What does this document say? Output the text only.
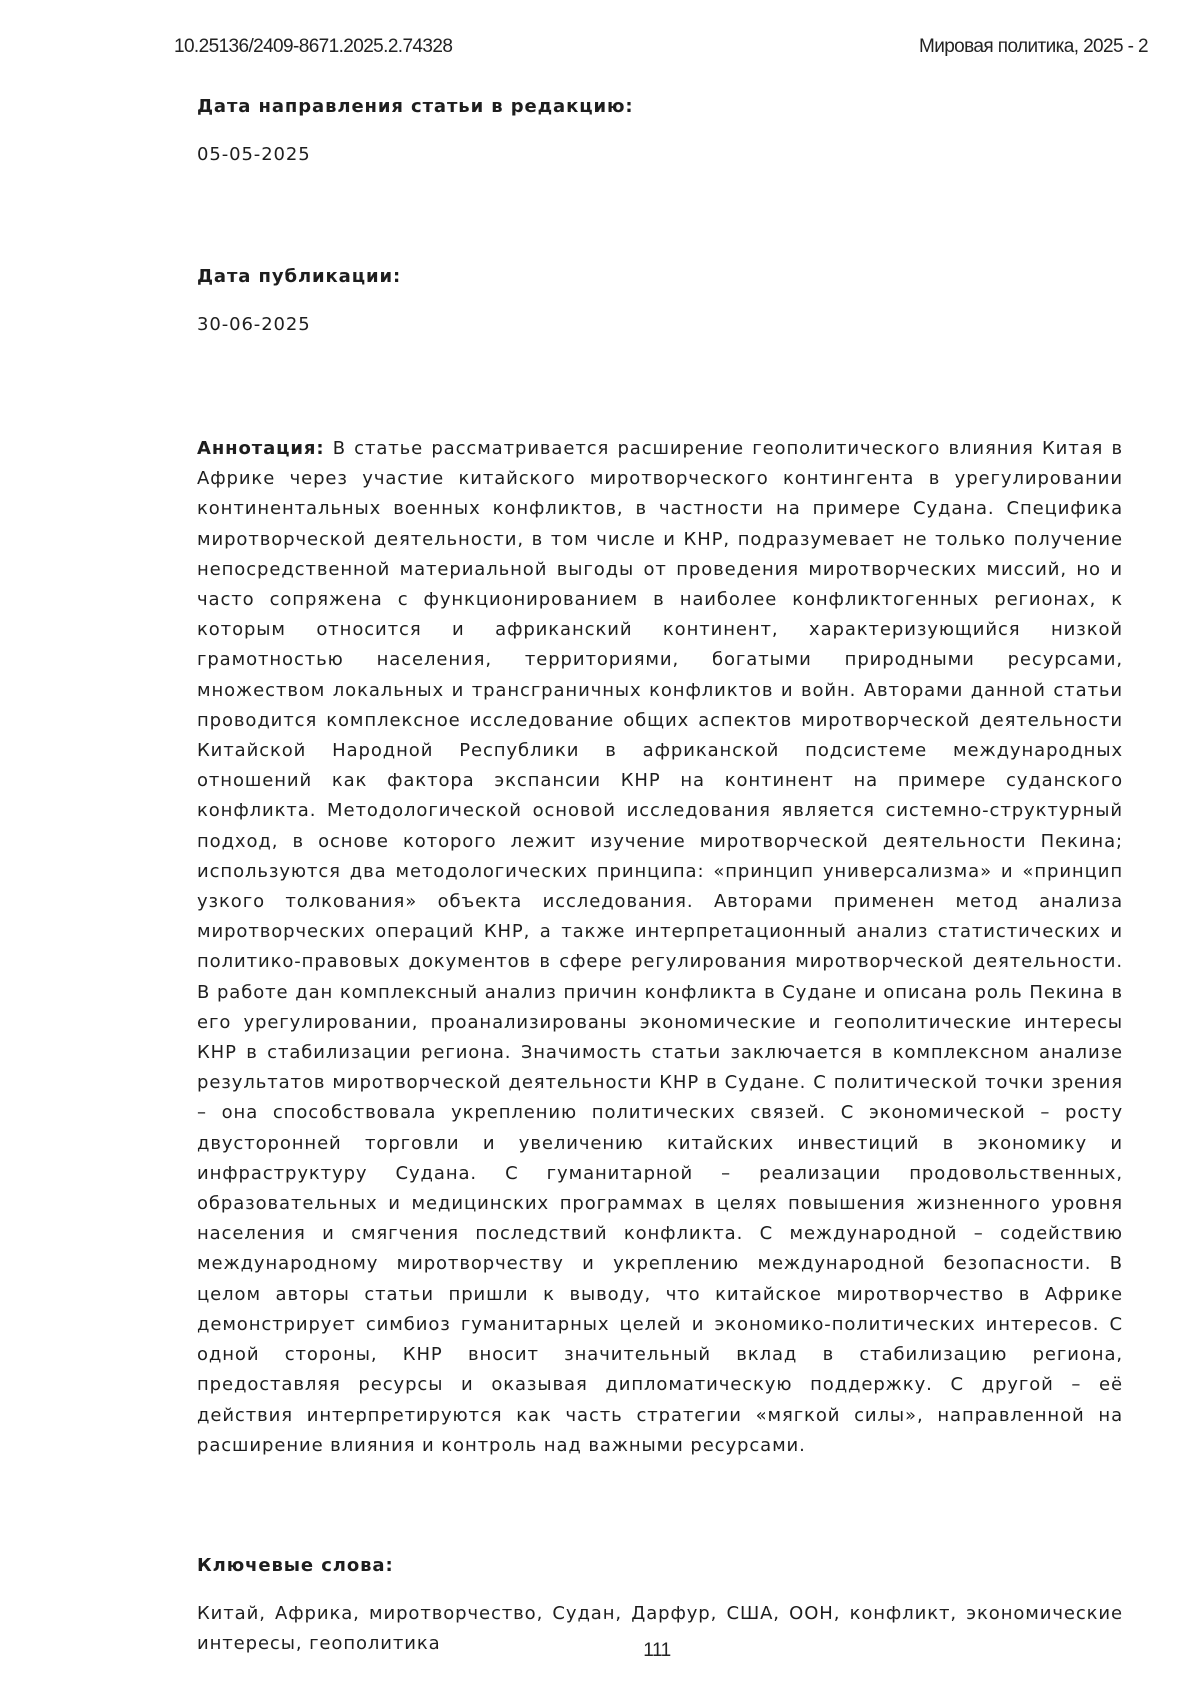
10.25136/2409-8671.2025.2.74328	Мировая политика, 2025 - 2

Дата направления статьи в редакцию:

05-05-2025

Дата публикации:

30-06-2025

Аннотация: В статье рассматривается расширение геополитического влияния Китая в Африке через участие китайского миротворческого контингента в урегулировании континентальных военных конфликтов, в частности на примере Судана. Специфика миротворческой деятельности, в том числе и КНР, подразумевает не только получение непосредственной материальной выгоды от проведения миротворческих миссий, но и часто сопряжена с функционированием в наиболее конфликтогенных регионах, к которым относится и африканский континент, характеризующийся низкой грамотностью населения, территориями, богатыми природными ресурсами, множеством локальных и трансграничных конфликтов и войн. Авторами данной статьи проводится комплексное исследование общих аспектов миротворческой деятельности Китайской Народной Республики в африканской подсистеме международных отношений как фактора экспансии КНР на континент на примере суданского конфликта. Методологической основой исследования является системно-структурный подход, в основе которого лежит изучение миротворческой деятельности Пекина; используются два методологических принципа: «принцип универсализма» и «принцип узкого толкования» объекта исследования. Авторами применен метод анализа миротворческих операций КНР, а также интерпретационный анализ статистических и политико-правовых документов в сфере регулирования миротворческой деятельности. В работе дан комплексный анализ причин конфликта в Судане и описана роль Пекина в его урегулировании, проанализированы экономические и геополитические интересы КНР в стабилизации региона. Значимость статьи заключается в комплексном анализе результатов миротворческой деятельности КНР в Судане. С политической точки зрения – она способствовала укреплению политических связей. С экономической – росту двусторонней торговли и увеличению китайских инвестиций в экономику и инфраструктуру Судана. С гуманитарной – реализации продовольственных, образовательных и медицинских программах в целях повышения жизненного уровня населения и смягчения последствий конфликта. С международной – содействию международному миротворчеству и укреплению международной безопасности. В целом авторы статьи пришли к выводу, что китайское миротворчество в Африке демонстрирует симбиоз гуманитарных целей и экономико-политических интересов. С одной стороны, КНР вносит значительный вклад в стабилизацию региона, предоставляя ресурсы и оказывая дипломатическую поддержку. С другой – её действия интерпретируются как часть стратегии «мягкой силы», направленной на расширение влияния и контроль над важными ресурсами.

Ключевые слова:

Китай, Африка, миротворчество, Судан, Дарфур, США, ООН, конфликт, экономические интересы, геополитика	111
